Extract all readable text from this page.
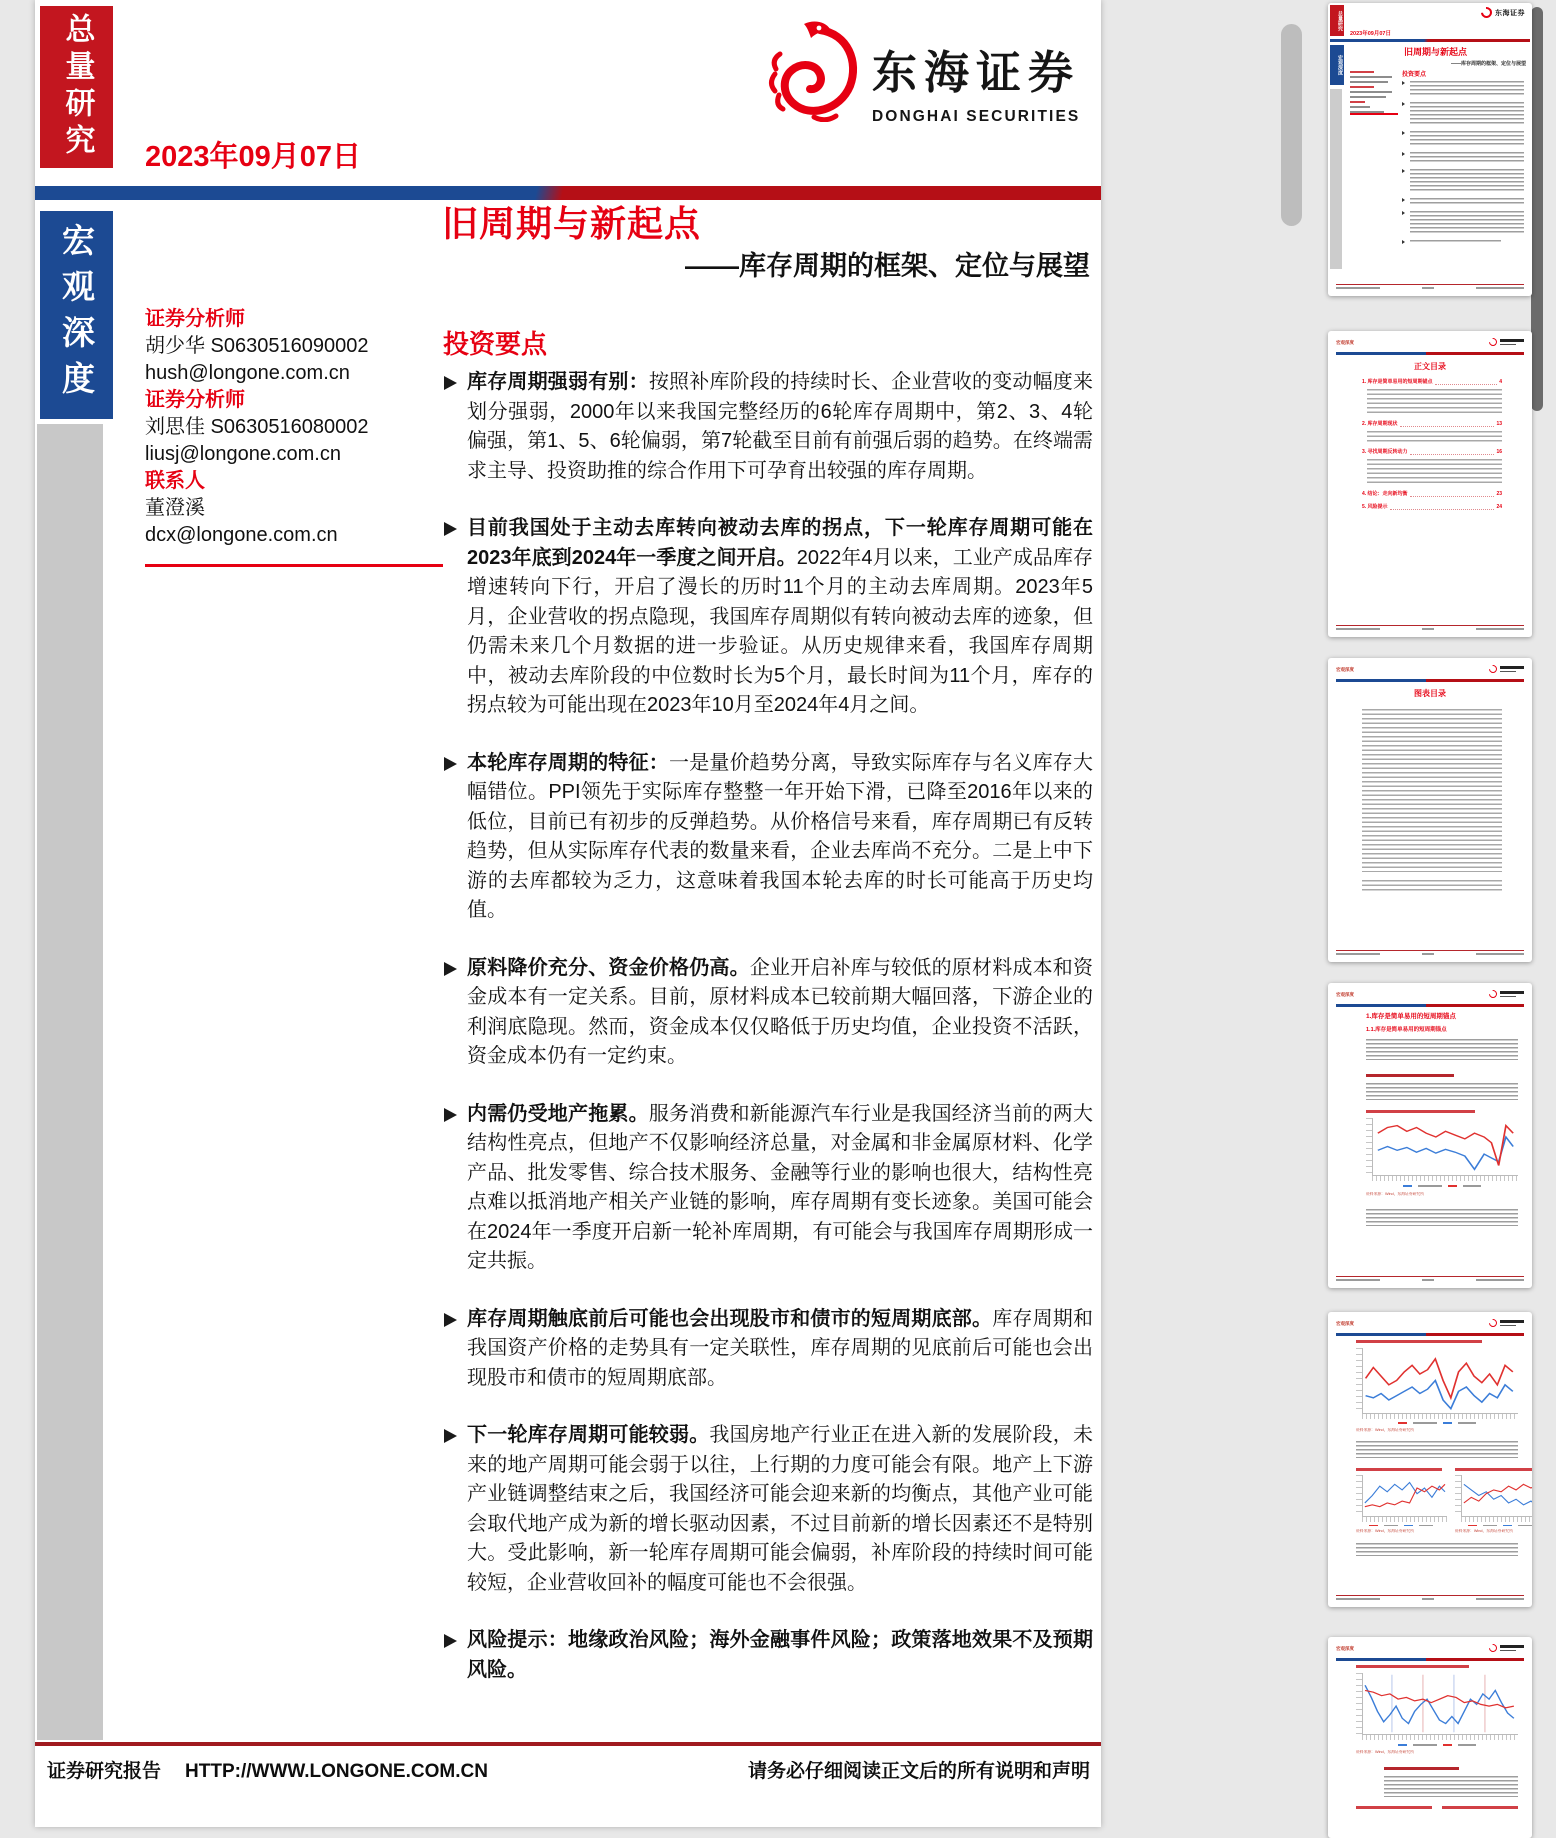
总量研究 2023年09月07日
东海证券
DONGHAI SECURITIES
宏观深度	旧周期与新起点
——库存周期的框架、定位与展望
证券分析师
胡少华 S0630516090002
hush@longone.com.cn
证券分析师
刘思佳 S0630516080002
liusj@longone.com.cn
联系人
董澄溪
dcx@longone.com.cn
投资要点
库存周期强弱有别：按照补库阶段的持续时长、企业营收的变动幅度来划分强弱，2000年以来我国完整经历的6轮库存周期中，第2、3、4轮偏强，第1、5、6轮偏弱，第7轮截至目前有前强后弱的趋势。在终端需求主导、投资助推的综合作用下可孕育出较强的库存周期。
目前我国处于主动去库转向被动去库的拐点，下一轮库存周期可能在2023年底到2024年一季度之间开启。2022年4月以来，工业产成品库存增速转向下行，开启了漫长的历时11个月的主动去库周期。2023年5月，企业营收的拐点隐现，我国库存周期似有转向被动去库的迹象，但仍需未来几个月数据的进一步验证。从历史规律来看，我国库存周期中，被动去库阶段的中位数时长为5个月，最长时间为11个月，库存的拐点较为可能出现在2023年10月至2024年4月之间。
本轮库存周期的特征：一是量价趋势分离，导致实际库存与名义库存大幅错位。PPI领先于实际库存整整一年开始下滑，已降至2016年以来的低位，目前已有初步的反弹趋势。从价格信号来看，库存周期已有反转趋势，但从实际库存代表的数量来看，企业去库尚不充分。二是上中下游的去库都较为乏力，这意味着我国本轮去库的时长可能高于历史均值。
原料降价充分、资金价格仍高。企业开启补库与较低的原材料成本和资金成本有一定关系。目前，原材料成本已较前期大幅回落，下游企业的利润底隐现。然而，资金成本仅仅略低于历史均值，企业投资不活跃，资金成本仍有一定约束。
内需仍受地产拖累。服务消费和新能源汽车行业是我国经济当前的两大结构性亮点，但地产不仅影响经济总量，对金属和非金属原材料、化学产品、批发零售、综合技术服务、金融等行业的影响也很大，结构性亮点难以抵消地产相关产业链的影响，库存周期有变长迹象。美国可能会在2024年一季度开启新一轮补库周期，有可能会与我国库存周期形成一定共振。
库存周期触底前后可能也会出现股市和债市的短周期底部。库存周期和我国资产价格的走势具有一定关联性，库存周期的见底前后可能也会出现股市和债市的短周期底部。
下一轮库存周期可能较弱。我国房地产行业正在进入新的发展阶段，未来的地产周期可能会弱于以往，上行期的力度可能会有限。地产上下游产业链调整结束之后，我国经济可能会迎来新的均衡点，其他产业可能会取代地产成为新的增长驱动因素，不过目前新的增长因素还不是特别大。受此影响，新一轮库存周期可能会偏弱，补库阶段的持续时间可能较短，企业营收回补的幅度可能也不会很强。
风险提示：地缘政治风险；海外金融事件风险；政策落地效果不及预期风险。
证券研究报告 HTTP://WWW.LONGONE.COM.CN	请务必仔细阅读正文后的所有说明和声明
总量研究
2023年09月07日
东海证券
宏观深度
旧周期与新起点
——库存周期的框架、定位与展望
投资要点
宏观深度
正文目录
1. 库存是简单易用的短周期锚点	4
2. 库存周期现状	13
3. 寻找周期反转动力	16
4. 结论：走向新均衡	23
5. 风险提示	24
宏观深度
图表目录
宏观深度
1.库存是简单易用的短周期锚点
1.1.库存是简单易用的短周期锚点
资料来源：Wind，东海证券研究所
宏观深度
资料来源：Wind，东海证券研究所
资料来源：Wind，东海证券研究所	资料来源：Wind，东海证券研究所
宏观深度
资料来源：Wind，东海证券研究所
